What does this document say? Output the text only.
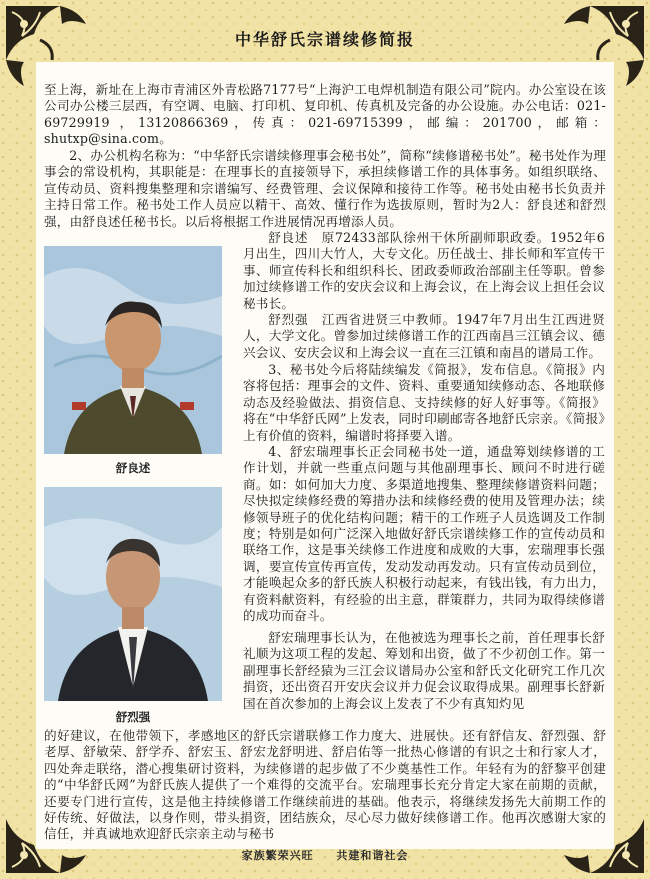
中华舒氏宗谱续修简报

至上海，新址在上海市青浦区外青松路7177号“上海沪工电焊机制造有限公司”院内。办公室设在该公司办公楼三层西，有空调、电脑、打印机、复印机、传真机及完备的办公设施。办公电话：021-69729919 ，13120866369，传真：021-69715399，邮编：201700，邮箱：shutxp@sina.com。

2、办公机构名称为：“中华舒氏宗谱续修理事会秘书处”，简称“续修谱秘书处”。秘书处作为理事会的常设机构，其职能是：在理事长的直接领导下，承担续修谱工作的具体事务。如组织联络、宣传动员、资料搜集整理和宗谱编写、经费管理、会议保障和接待工作等。秘书处由秘书长负责并主持日常工作。秘书处工作人员应以精干、高效、懂行作为选拔原则，暂时为2人：舒良述和舒烈强，由舒良述任秘书长。以后将根据工作进展情况再增添人员。

舒良述
舒烈强

舒良述　原72433部队徐州干休所副师职政委。1952年6月出生，四川大竹人，大专文化。历任战士、排长师和军宣传干事、师宣传科长和组织科长、团政委师政治部副主任等职。曾参加过续修谱工作的安庆会议和上海会议，在上海会议上担任会议秘书长。

舒烈强　江西省进贤三中教师。1947年7月出生江西进贤人，大学文化。曾参加过续修谱工作的江西南昌三江镇会议、德兴会议、安庆会议和上海会议一直在三江镇和南昌的谱局工作。

3、秘书处今后将陆续编发《简报》，发布信息。《简报》内容将包括：理事会的文件、资料、重要通知续修动态、各地联修动态及经验做法、捐资信息、支持续修的好人好事等。《简报》将在“中华舒氏网”上发表，同时印刷邮寄各地舒氏宗亲。《简报》上有价值的资料，编谱时将择要入谱。

4、舒宏瑞理事长正会同秘书处一道，通盘筹划续修谱的工作计划，并就一些重点问题与其他副理事长、顾问不时进行磋商。如：如何加大力度、多渠道地搜集、整理续修谱资料问题；尽快拟定续修经费的筹措办法和续修经费的使用及管理办法；续修领导班子的优化结构问题；精干的工作班子人员选调及工作制度；特别是如何广泛深入地做好舒氏宗谱续修工作的宣传动员和联络工作，这是事关续修工作进度和成败的大事，宏瑞理事长强调，要宣传宣传再宣传，发动发动再发动。只有宣传动员到位，才能唤起众多的舒氏族人积极行动起来，有钱出钱，有力出力，有资料献资料，有经验的出主意，群策群力，共同为取得续修谱的成功而奋斗。

舒宏瑞理事长认为，在他被选为理事长之前，首任理事长舒礼顺为这项工程的发起、筹划和出资，做了不少初创工作。第一副理事长舒经猿为三江会议谱局办公室和舒氏文化研究工作几次捐资，还出资召开安庆会议并力促会议取得成果。副理事长舒新国在首次参加的上海会议上发表了不少有真知灼见

的好建议，在他带领下，孝感地区的舒氏宗谱联修工作力度大、进展快。还有舒信友、舒烈强、舒老厚、舒敏荣、舒学乔、舒宏玉、舒宏龙舒明进、舒启佑等一批热心修谱的有识之士和行家人才，四处奔走联络，潜心搜集研讨资料，为续修谱的起步做了不少奠基性工作。年轻有为的舒黎平创建的“中华舒氏网”为舒氏族人提供了一个难得的交流平台。宏瑞理事长充分肯定大家在前期的贡献，还要专门进行宣传，这是他主持续修谱工作继续前进的基础。他表示，将继续发扬先大前期工作的好传统、好做法，以身作则，带头捐资，团结族众，尽心尽力做好续修谱工作。他再次感谢大家的信任，并真诚地欢迎舒氏宗亲主动与秘书

家族繁荣兴旺 共建和谐社会
